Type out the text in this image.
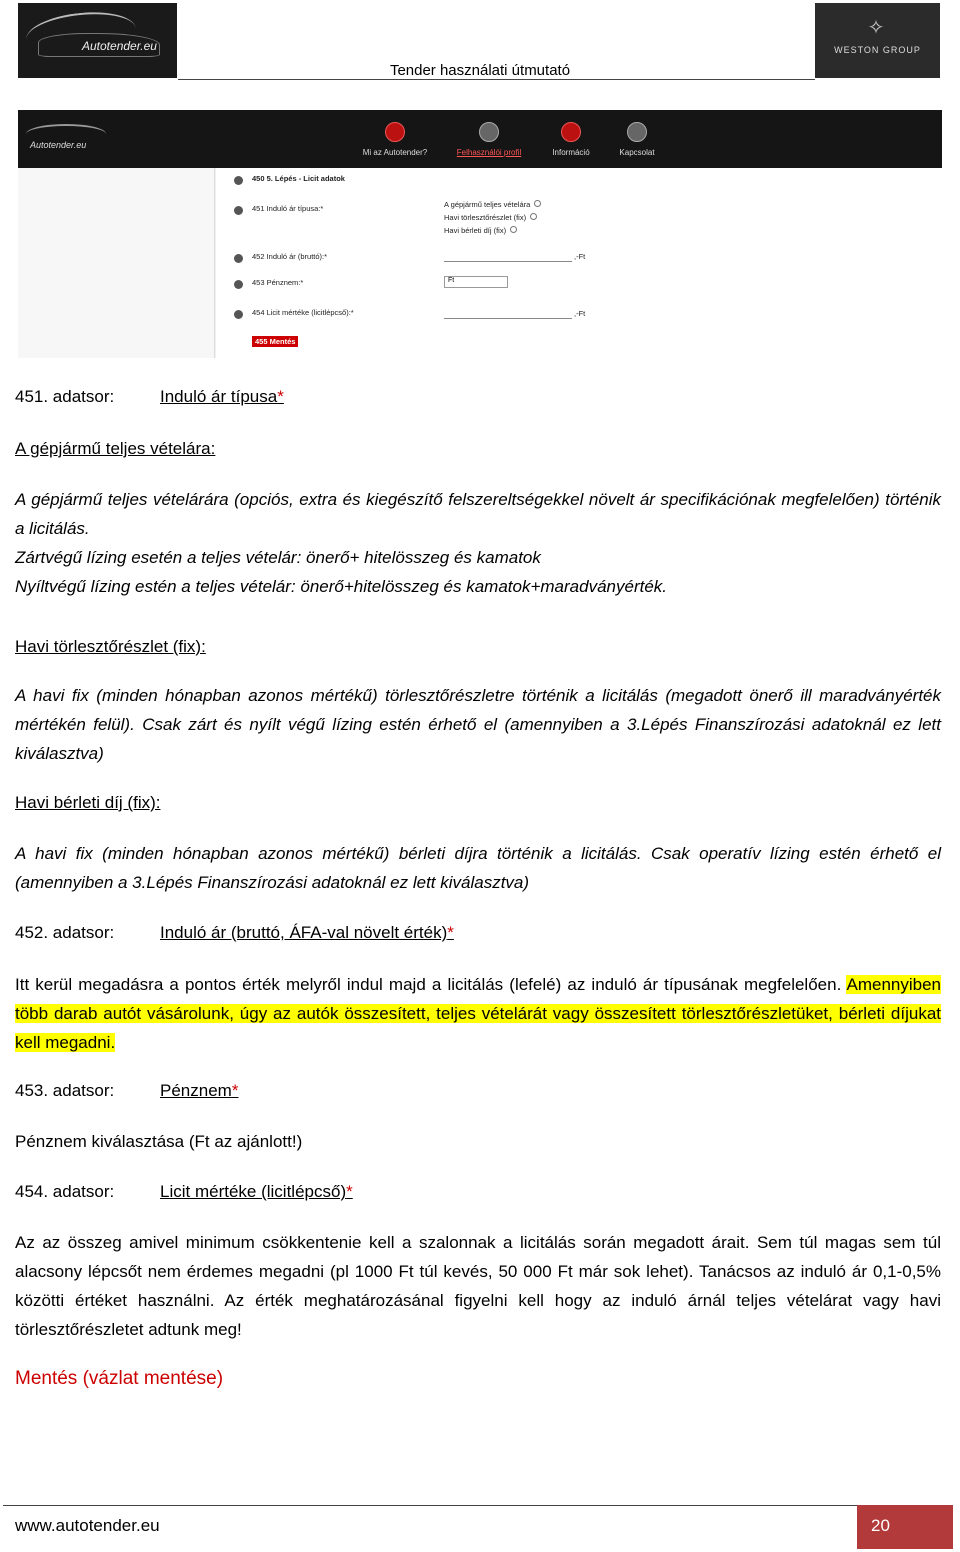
Autotender.eu
✧
WESTON GROUP
Tender használati útmutató
Autotender.eu
Mi az Autotender?	Felhasználói profil	Információ	Kapcsolat
450 5. Lépés - Licit adatok
451 Induló ár típusa:*	A gépjármű teljes vételára
Havi törlesztőrészlet (fix)
Havi bérleti díj (fix)
452 Induló ár (bruttó):*	,-Ft
453 Pénznem:*	Ft
454 Licit mértéke (licitlépcső):*	,-Ft
455 Mentés
451. adatsor:	Induló ár típusa*
A gépjármű teljes vételára:
A gépjármű teljes vételárára (opciós, extra és kiegészítő felszereltségekkel növelt ár specifikációnak megfelelően) történik a licitálás.
Zártvégű lízing esetén a teljes vételár: önerő+ hitelösszeg és kamatok
Nyíltvégű lízing estén a teljes vételár: önerő+hitelösszeg és kamatok+maradványérték.
Havi törlesztőrészlet (fix):
A havi fix (minden hónapban azonos mértékű) törlesztőrészletre történik a licitálás (megadott önerő ill maradványérték mértékén felül). Csak zárt és nyílt végű lízing estén érhető el (amennyiben a 3.Lépés Finanszírozási adatoknál ez lett kiválasztva)
Havi bérleti díj (fix):
A havi fix (minden hónapban azonos mértékű) bérleti díjra történik a licitálás. Csak operatív lízing estén érhető el (amennyiben a 3.Lépés Finanszírozási adatoknál ez lett kiválasztva)
452. adatsor:	Induló ár (bruttó, ÁFA-val növelt érték)*
Itt kerül megadásra a pontos érték melyről indul majd a licitálás (lefelé) az induló ár típusának megfelelően. Amennyiben több darab autót vásárolunk, úgy az autók összesített, teljes vételárát vagy összesített törlesztőrészletüket, bérleti díjukat kell megadni.
453. adatsor:	Pénznem*
Pénznem kiválasztása (Ft az ajánlott!)
454. adatsor:	Licit mértéke (licitlépcső)*
Az az összeg amivel minimum csökkentenie kell a szalonnak a licitálás során megadott árait. Sem túl magas sem túl alacsony lépcsőt nem érdemes megadni (pl 1000 Ft túl kevés, 50 000 Ft már sok lehet). Tanácsos az induló ár 0,1-0,5% közötti értéket használni. Az érték meghatározásánal figyelni kell hogy az induló árnál teljes vételárat vagy havi törlesztőrészletet adtunk meg!
Mentés (vázlat mentése)
www.autotender.eu	20
